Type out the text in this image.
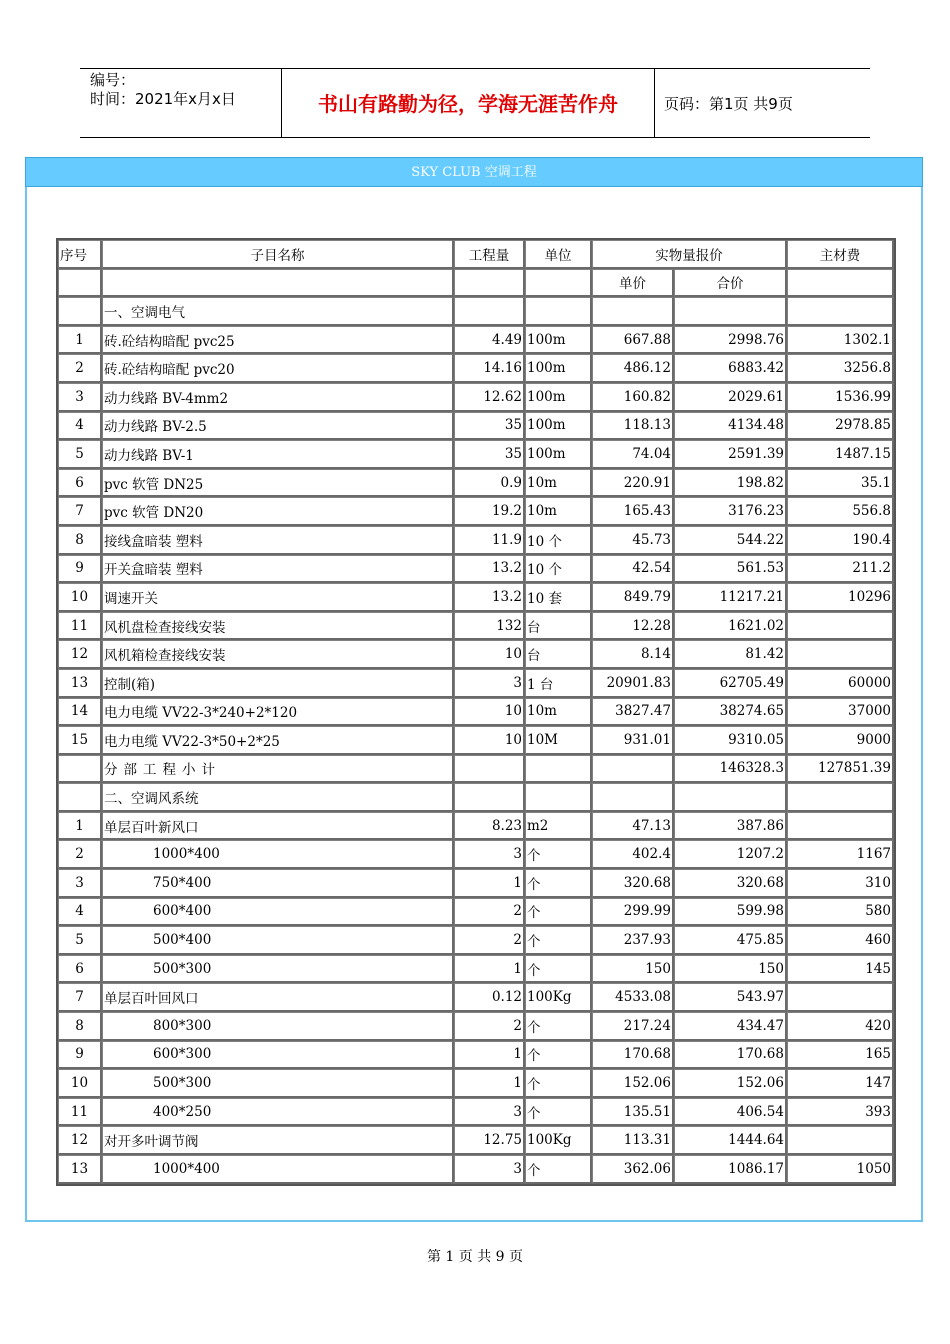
编号：
时间：2021年x月x日	书山有路勤为径，学海无涯苦作舟	页码：第1页 共9页
SKY CLUB 空调工程
序号	子目名称	工程量	单位	实物量报价		主材费
				单价	合价	
	一、空调电气					
1	砖.砼结构暗配 pvc25	4.49	100m	667.88	2998.76	1302.1
2	砖.砼结构暗配 pvc20	14.16	100m	486.12	6883.42	3256.8
3	动力线路 BV-4mm2	12.62	100m	160.82	2029.61	1536.99
4	动力线路 BV-2.5	35	100m	118.13	4134.48	2978.85
5	动力线路 BV-1	35	100m	74.04	2591.39	1487.15
6	pvc 软管 DN25	0.9	10m	220.91	198.82	35.1
7	pvc 软管 DN20	19.2	10m	165.43	3176.23	556.8
8	接线盒暗装 塑料	11.9	10 个	45.73	544.22	190.4
9	开关盒暗装 塑料	13.2	10 个	42.54	561.53	211.2
10	调速开关	13.2	10 套	849.79	11217.21	10296
11	风机盘检查接线安装	132	台	12.28	1621.02	
12	风机箱检查接线安装	10	台	8.14	81.42	
13	控制(箱)	3	1 台	20901.83	62705.49	60000
14	电力电缆 VV22-3*240+2*120	10	10m	3827.47	38274.65	37000
15	电力电缆 VV22-3*50+2*25	10	10M	931.01	9310.05	9000
	分部工程小计				146328.3	127851.39
	二、空调风系统					
1	单层百叶新风口	8.23	m2	47.13	387.86	
2	1000*400	3	个	402.4	1207.2	1167
3	750*400	1	个	320.68	320.68	310
4	600*400	2	个	299.99	599.98	580
5	500*400	2	个	237.93	475.85	460
6	500*300	1	个	150	150	145
7	单层百叶回风口	0.12	100Kg	4533.08	543.97	
8	800*300	2	个	217.24	434.47	420
9	600*300	1	个	170.68	170.68	165
10	500*300	1	个	152.06	152.06	147
11	400*250	3	个	135.51	406.54	393
12	对开多叶调节阀	12.75	100Kg	113.31	1444.64	
13	1000*400	3	个	362.06	1086.17	1050
第 1 页 共 9 页
